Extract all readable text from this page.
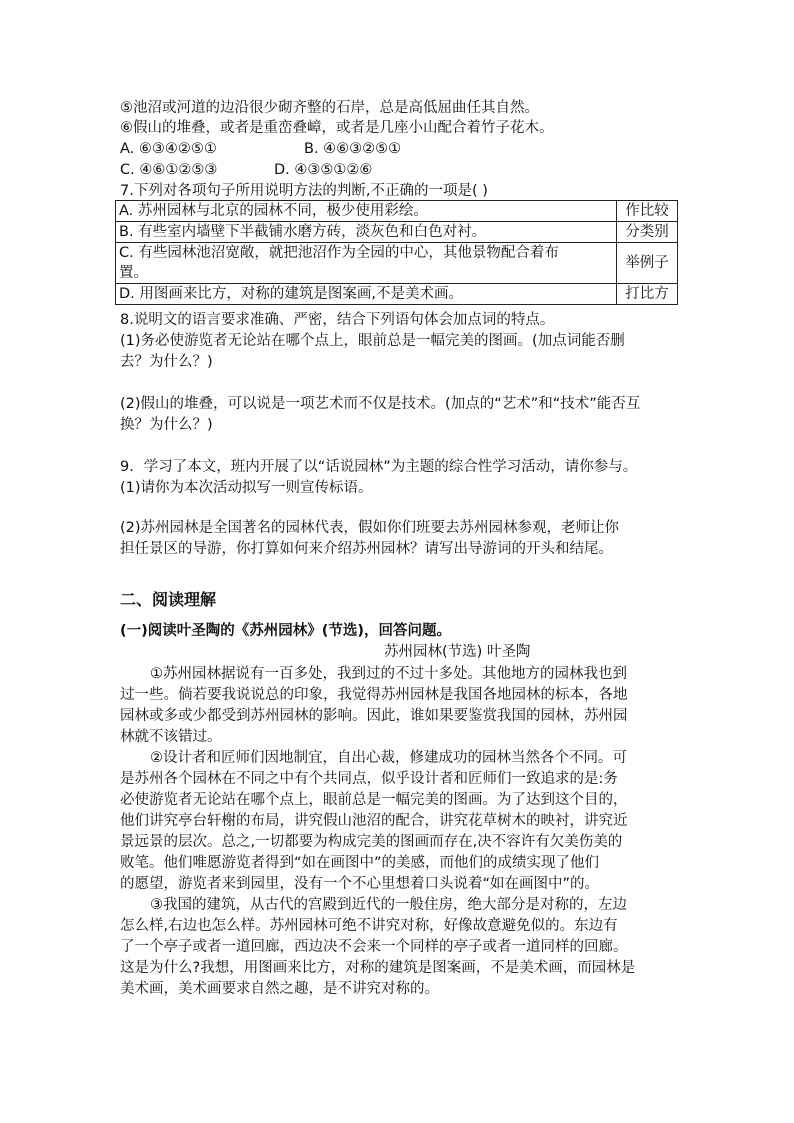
⑤池沼或河道的边沿很少砌齐整的石岸，总是高低屈曲任其自然。
⑥假山的堆叠，或者是重峦叠嶂，或者是几座小山配合着竹子花木。
A. ⑥③④②⑤①	B. ④⑥③②⑤①
C. ④⑥①②⑤③	D. ④③⑤①②⑥
7.下列对各项句子所用说明方法的判断,不正确的一项是( )
A. 苏州园林与北京的园林不同，极少使用彩绘。	作比较
B. 有些室内墙壁下半截铺水磨方砖，淡灰色和白色对衬。	分类别

C. 有些园林池沼宽敞，就把池沼作为全园的中心，其他景物配合着布
置。	举例子
D. 用图画来比方，对称的建筑是图案画,不是美术画。	打比方
8.说明文的语言要求准确、严密，结合下列语句体会加点词的特点。
(1)务必使游览者无论站在哪个点上，眼前总是一幅完美的图画。(加点词能否删
去？为什么？)
(2)假山的堆叠，可以说是一项艺术而不仅是技术。(加点的“艺术”和“技术”能否互
换？为什么？)
9．学习了本文，班内开展了以“话说园林”为主题的综合性学习活动，请你参与。
(1)请你为本次活动拟写一则宣传标语。
(2)苏州园林是全国著名的园林代表，假如你们班要去苏州园林参观，老师让你
担任景区的导游，你打算如何来介绍苏州园林？请写出导游词的开头和结尾。
二、阅读理解
(一)阅读叶圣陶的《苏州园林》(节选)，回答问题。
苏州园林(节选) 叶圣陶
①苏州园林据说有一百多处，我到过的不过十多处。其他地方的园林我也到
过一些。倘若要我说说总的印象，我觉得苏州园林是我国各地园林的标本，各地
园林或多或少都受到苏州园林的影响。因此，谁如果要鉴赏我国的园林，苏州园
林就不该错过。
②设计者和匠师们因地制宜，自出心裁，修建成功的园林当然各个不同。可
是苏州各个园林在不同之中有个共同点，似乎设计者和匠师们一致追求的是:务
必使游览者无论站在哪个点上，眼前总是一幅完美的图画。为了达到这个目的，
他们讲究亭台轩榭的布局，讲究假山池沼的配合，讲究花草树木的映衬，讲究近
景远景的层次。总之,一切都要为构成完美的图画而存在,决不容许有欠美伤美的
败笔。他们唯愿游览者得到“如在画图中”的美感，而他们的成绩实现了他们
的愿望，游览者来到园里，没有一个不心里想着口头说着“如在画图中”的。
③我国的建筑，从古代的宫殿到近代的一般住房，绝大部分是对称的，左边
怎么样,右边也怎么样。苏州园林可绝不讲究对称，好像故意避免似的。东边有
了一个亭子或者一道回廊，西边决不会来一个同样的亭子或者一道同样的回廊。
这是为什么?我想，用图画来比方，对称的建筑是图案画，不是美术画，而园林是
美术画，美术画要求自然之趣，是不讲究对称的。
